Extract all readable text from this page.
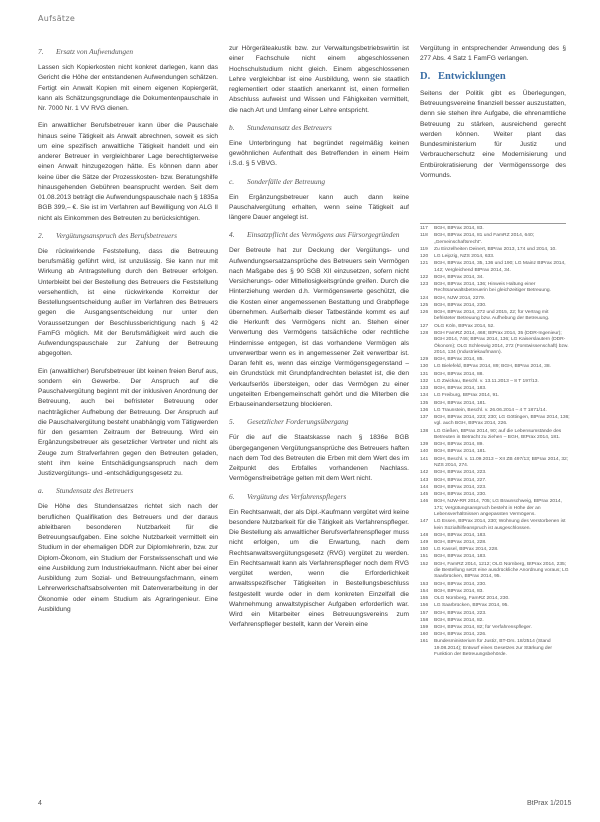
Aufsätze
7. Ersatz von Aufwendungen

Lassen sich Kopierkosten nicht konkret darlegen, kann das Gericht die Höhe der entstandenen Aufwendungen schätzen. Fertigt ein Anwalt Kopien mit einem eigenen Kopiergerät, kann als Schätzungsgrundlage die Dokumentenpauschale in Nr. 7000 Nr. 1 VV RVG dienen.

Ein anwaltlicher Berufsbetreuer kann über die Pauschale hinaus seine Tätigkeit als Anwalt abrechnen, soweit es sich um eine spezifisch anwaltliche Tätigkeit handelt und ein anderer Betreuer in vergleichbarer Lage berechtigterweise einen Anwalt hinzugezogen hätte. Es können dann aber keine über die Sätze der Prozesskosten- bzw. Beratungshilfe hinausgehenden Gebühren beansprucht werden. Seit dem 01.08.2013 beträgt die Aufwendungspauschale nach § 1835a BGB 399,– €. Sie ist im Verfahren auf Bewilligung von ALG II nicht als Einkommen des Betreuten zu berücksichtigen.

2. Vergütungsanspruch des Berufsbetreuers

Die rückwirkende Feststellung, dass die Betreuung berufsmäßig geführt wird, ist unzulässig. Sie kann nur mit Wirkung ab Antragstellung durch den Betreuer erfolgen. Unterbleibt bei der Bestellung des Betreuers die Feststellung versehentlich, ist eine rückwirkende Korrektur der Bestellungsentscheidung außer im Verfahren des Betreuers gegen die Ausgangsentscheidung nur unter den Voraussetzungen der Beschlussberichtigung nach § 42 FamFG möglich. Mit der Berufsmäßigkeit wird auch die Aufwendungspauschale zur Zahlung der Betreuung abgegolten.

Ein (anwaltlicher) Berufsbetreuer übt keinen freien Beruf aus, sondern ein Gewerbe. Der Anspruch auf die Pauschalvergütung beginnt mit der inklusiven Anordnung der Betreuung, auch bei befristeter Betreuung oder nachträglicher Aufhebung der Betreuung. Der Anspruch auf die Pauschalvergütung besteht unabhängig vom Tätigwerden für den gesamten Zeitraum der Betreuung. Wird ein Ergänzungsbetreuer als gesetzlicher Vertreter und nicht als Zeuge zum Strafverfahren gegen den Betreuten geladen, steht ihm keine Entschädigungsanspruch nach dem Justizvergütungs- und -entschädigungsgesetz zu.

a. Stundensatz des Betreuers

Die Höhe des Stundensatzes richtet sich nach der beruflichen Qualifikation des Betreuers und der daraus ableitbaren besonderen Nutzbarkeit für die Betreuungsaufgaben. Eine solche Nutzbarkeit vermittelt ein Studium in der ehemaligen DDR zur Diplomlehrerin, bzw. zur Diplom-Ökonom, ein Studium der Forstwissenschaft und wie eine Ausbildung zum Industriekaufmann. Nicht aber bei einer Ausbildung zum Sozial- und Betreuungsfachmann, einem Lehrerwerkschaftsabsolventen mit Datenverarbeitung in der Ökonomie oder einem Studium als Agraringenieur. Eine Ausbildung

zur Hörgeräteakustik bzw. zur Verwaltungsbetriebswirtin ist einer Fachschule nicht einem abgeschlossenen Hochschulstudium nicht gleich. Einem abgeschlossenen Lehre vergleichbar ist eine Ausbildung, wenn sie staatlich reglementiert oder staatlich anerkannt ist, einen formellen Abschluss aufweist und Wissen und Fähigkeiten vermittelt, die nach Art und Umfang einer Lehre entspricht.

b. Stundenansatz des Betreuers

Eine Unterbringung hat begründet regelmäßig keinen gewöhnlichen Aufenthalt des Betreffenden in einem Heim i.S.d. § 5 VBVG.

c. Sonderfälle der Betreuung

Ein Ergänzungsbetreuer kann auch dann keine Pauschalvergütung erhalten, wenn seine Tätigkeit auf längere Dauer angelegt ist.

4. Einsatzpflicht des Vermögens aus Fürsorgegründen

Der Betreute hat zur Deckung der Vergütungs- und Aufwendungsersatzansprüche des Betreuers sein Vermögen nach Maßgabe des § 90 SGB XII einzusetzen, sofern nicht Versicherungs- oder Mittellosigkeitsgründe greifen. Durch die Hinterziehung werden d.h. Vermögenswerte geschützt, die die Kosten einer angemessenen Bestattung und Grabpflege übernehmen. Außerhalb dieser Tatbestände kommt es auf die Herkunft des Vermögens nicht an. Stehen einer Verwertung des Vermögens tatsächliche oder rechtliche Hindernisse entgegen, ist das vorhandene Vermögen als unverwertbar wenn es in angemessener Zeit verwertbar ist. Daran fehlt es, wenn das einzige Vermögensgegenstand – ein Grundstück mit Grundpfandrechten belastet ist, die den Verkaufserlös übersteigen, oder das Vermögen zu einer ungeteilten Erbengemeinschaft gehört und die Miterben die Erbauseinandersetzung blockieren.

5. Gesetzlicher Forderungsübergang

Für die auf die Staatskasse nach § 1836e BGB übergegangenen Vergütungsansprüche des Betreuers haften nach dem Tod des Betreuten die Erben mit dem Wert des im Zeitpunkt des Erbfalles vorhandenen Nachlass. Vermögensfreibeträge gelten mit dem Wert nicht.

6. Vergütung des Verfahrenspflegers

Ein Rechtsanwalt, der als Dipl.-Kaufmann vergütet wird keine besondere Nutzbarkeit für die Tätigkeit als Verfahrenspfleger. Die Bestellung als anwaltlicher Berufsverfahrenspfleger muss nicht erfolgen, um die Erwartung, nach dem Rechtsanwaltsvergütungsgesetz (RVG) vergütet zu werden. Ein Rechtsanwalt kann als Verfahrenspfleger noch dem RVG vergütet werden, wenn die Erforderlichkeit anwaltsspezifischer Tätigkeiten in Bestellungsbeschluss festgestellt wurde oder in dem konkreten Einzelfall die Wahrnehmung anwaltstypischer Aufgaben erforderlich war. Wird ein Mitarbeiter eines Betreuungsvereins zum Verfahrenspfleger bestellt, kann der Verein eine

Vergütung in entsprechender Anwendung des § 277 Abs. 4 Satz 1 FamFG verlangen.

D. Entwicklungen

Seitens der Politik gibt es Überlegungen, Betreuungsvereine finanziell besser auszustatten, denn sie stehen ihre Aufgabe, die ehrenamtliche Betreuung zu stärken, ausreichend gerecht werden können. Weiter plant das Bundesministerium für Justiz und Verbraucherschutz eine Modernisierung und Entbürokratisierung der Vermögenssorge des Vormunds.

117	BGH, BtPrax 2014, 83.
118	BGH, BtPrax 2014, 81 und FamRZ 2014, 640; „Gemeinschaftsrecht“.
119	Zu Einzelheiten Deinert, BtPrax 2013, 174 und 2014, 10.
120	LG Leipzig, NZS 2014, 633.
121	BGH, BtPrax 2014, 35, 136 und 190; LG Mainz BtPrax 2014, 142; Vergleichend BtPrax 2014, 34.
122	BGH, BtPrax 2014, 34.
123	BGH, BtPrax 2014, 136; Hinweis Haltung einer Rechtsanwaltsbetreuerin bei gleichzeitiger Betreuung.
124	BGH, NJW 2014, 2279.
125	BGH, BtPrax 2014, 230.
126	BGH, BtPrax 2014, 272 und 2015, 22; für Vertrag mit befristeter Betreuung bzw. Aufhebung der Betreuung.
127	OLG Köln, BtPrax 2014, 52.
128	BGH FamRZ 2014, 468; BtPrax 2014, 35 (DDR-Ingenieur); BGH 2014, 746; BtPrax 2014, 136; LG Kaiserslautern (DDR-Ökonom); OLG Schleswig 2014, 272 (Forstwissenschaft) bzw. 2014, 134 (Industriekaufmann).
129	BGH, BtPrax 2014, 85.
130	LG Bielefeld, BtPrax 2014, 89; BGH, BtPrax 2014, 38.
131	BGH, BtPrax 2014, 88.
132	LG Zwickau, Beschl. v. 13.11.2013 – 8 T 197/13.
133	BGH, BtPrax 2014, 183.
134	LG Freiburg, BtPrax 2014, 91.
135	BGH, BtPrax 2014, 181.
136	LG Traunstein, Beschl. v. 26.06.2014 – 4 T 1871/14.
137	BGH, BtPrax 2014, 223; 230; LG Göttingen, BtPrax 2014, 136; vgl. auch BGH, BtPrax 2014, 226.
138	LG Gießen, BtPrax 2014, 90; auf die Lebensumstände des Betreuten in Betracht zu ziehen – BGH, BtPrax 2014, 181.
139	BGH, BtPrax 2014, 89.
140	BGH, BtPrax 2014, 181.
141	BGH, Beschl. v. 11.09.2013 – XII ZB 497/13; BtPrax 2014, 32; NZS 2014, 274.
142	BGH, BtPrax 2014, 223.
143	BGH, BtPrax 2014, 227.
144	BGH, BtPrax 2014, 223.
145	BGH, BtPrax 2014, 230.
146	BGH, NJW-RR 2014, 705; LG Braunschweig, BtPrax 2014, 171; Vergütungsanspruch besteht in Höhe der an Lebensverhältnissen angepassten Vermögens.
147	LG Essen, BtPrax 2014, 230; Wohnung des Verstorbenen ist kein Sozialhilfeanspruch ist ausgeschlossen.
148	BGH, BtPrax 2014, 183.
149	BGH, BtPrax 2014, 228.
150	LG Kassel, BtPrax 2014, 228.
151	BGH, BtPrax 2014, 183.
152	BGH, FamRZ 2014, 1212; OLG Nürnberg, BtPrax 2014, 235; die Bestellung setzt eine ausdrückliche Anordnung voraus; LG Saarbrücken, BtPrax 2014, 95.
153	BGH, BtPrax 2014, 230.
154	BGH, BtPrax 2014, 83.
155	OLG Nürnberg, FamRZ 2014, 230.
156	LG Saarbrücken, BtPrax 2014, 95.
157	BGH, BtPrax 2014, 223.
158	BGH, BtPrax 2014, 82.
159	BGH, BtPrax 2014, 82; für Verfahrenspfleger.
160	BGH, BtPrax 2014, 226.
161	Bundesministerium für Justiz, BT-Drs. 18/2514 (Stand 19.08.2014); Entwurf eines Gesetzes zur Stärkung der Funktion der Betreuungsbehörde.
4	BtPrax 1/2015
